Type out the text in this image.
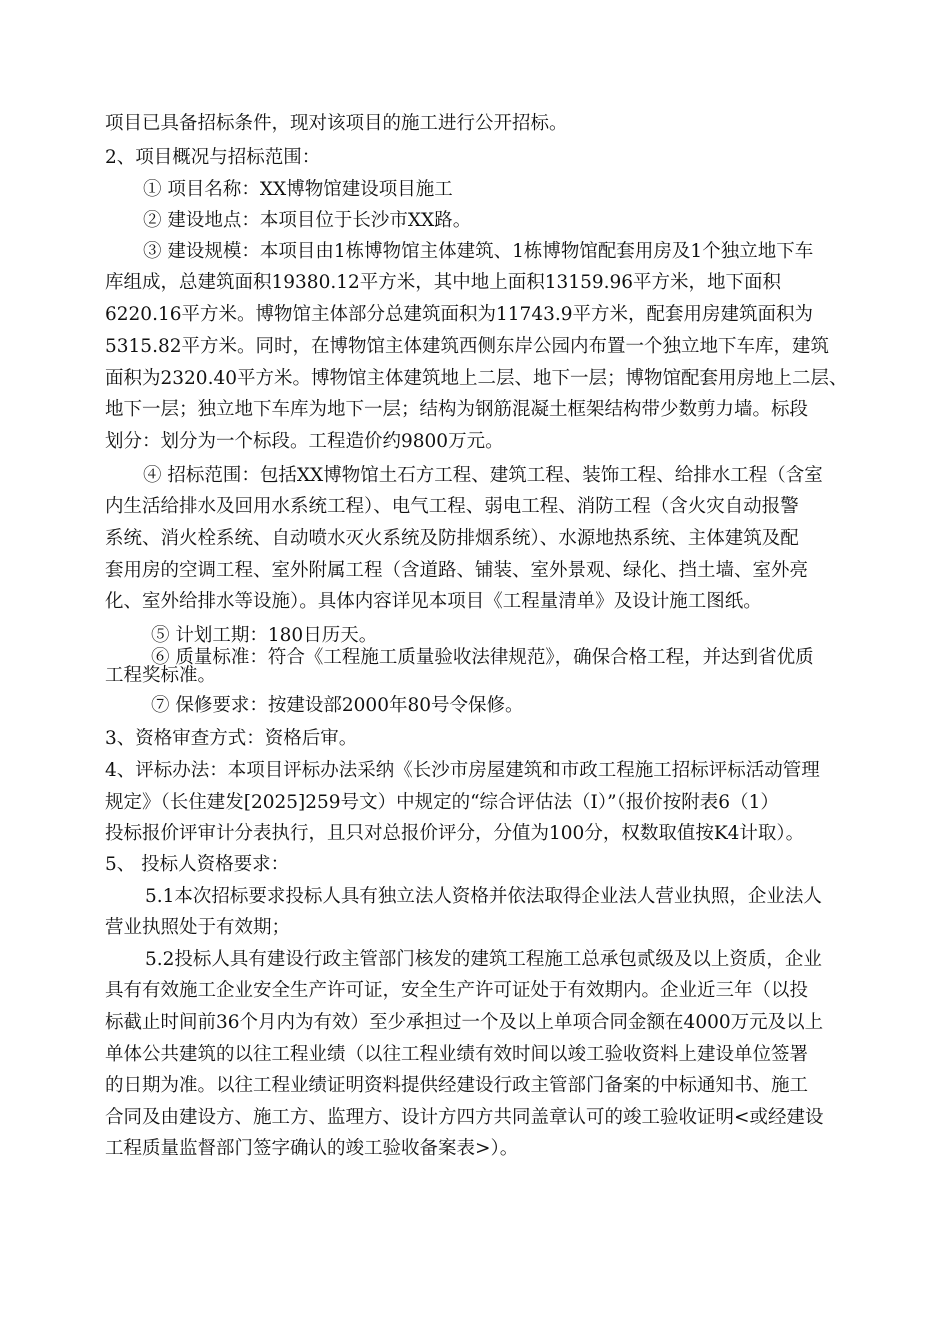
项目已具备招标条件，现对该项目的施工进行公开招标。
2、项目概况与招标范围：
① 项目名称：XX博物馆建设项目施工
② 建设地点：本项目位于长沙市XX路。
③ 建设规模：本项目由1栋博物馆主体建筑、1栋博物馆配套用房及1个独立地下车
库组成，总建筑面积19380.12平方米，其中地上面积13159.96平方米，地下面积
6220.16平方米。博物馆主体部分总建筑面积为11743.9平方米，配套用房建筑面积为
5315.82平方米。同时，在博物馆主体建筑西侧东岸公园内布置一个独立地下车库，建筑
面积为2320.40平方米。博物馆主体建筑地上二层、地下一层；博物馆配套用房地上二层、
地下一层；独立地下车库为地下一层；结构为钢筋混凝土框架结构带少数剪力墙。标段
划分：划分为一个标段。工程造价约9800万元。
④ 招标范围：包括XX博物馆土石方工程、建筑工程、装饰工程、给排水工程（含室
内生活给排水及回用水系统工程）、电气工程、弱电工程、消防工程（含火灾自动报警
系统、消火栓系统、自动喷水灭火系统及防排烟系统）、水源地热系统、主体建筑及配
套用房的空调工程、室外附属工程（含道路、铺装、室外景观、绿化、挡土墙、室外亮
化、室外给排水等设施）。具体内容详见本项目《工程量清单》及设计施工图纸。
⑤ 计划工期：180日历天。
⑥ 质量标准：符合《工程施工质量验收法律规范》，确保合格工程，并达到省优质
工程奖标准。
⑦ 保修要求：按建设部2000年80号令保修。
3、资格审查方式：资格后审。
4、评标办法：本项目评标办法采纳《长沙市房屋建筑和市政工程施工招标评标活动管理
规定》（长住建发[2025]259号文）中规定的“综合评估法（Ⅰ）”（报价按附表6（1）
投标报价评审计分表执行，且只对总报价评分，分值为100分，权数取值按K4计取）。
5、 投标人资格要求：
5.1本次招标要求投标人具有独立法人资格并依法取得企业法人营业执照，企业法人
营业执照处于有效期；
5.2投标人具有建设行政主管部门核发的建筑工程施工总承包贰级及以上资质，企业
具有有效施工企业安全生产许可证，安全生产许可证处于有效期内。企业近三年（以投
标截止时间前36个月内为有效）至少承担过一个及以上单项合同金额在4000万元及以上
单体公共建筑的以往工程业绩（以往工程业绩有效时间以竣工验收资料上建设单位签署
的日期为准。以往工程业绩证明资料提供经建设行政主管部门备案的中标通知书、施工
合同及由建设方、施工方、监理方、设计方四方共同盖章认可的竣工验收证明<或经建设
工程质量监督部门签字确认的竣工验收备案表>）。
